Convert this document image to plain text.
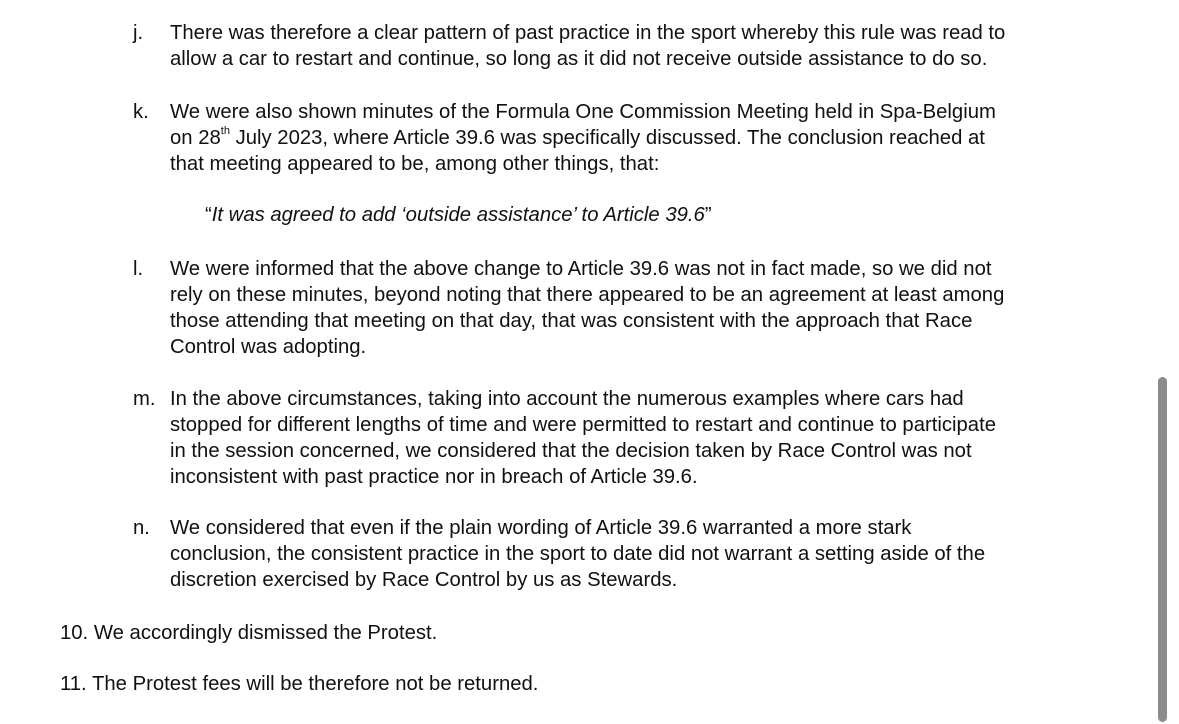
j. There was therefore a clear pattern of past practice in the sport whereby this rule was read to
allow a car to restart and continue, so long as it did not receive outside assistance to do so.
k. We were also shown minutes of the Formula One Commission Meeting held in Spa-Belgium
on 28th July 2023, where Article 39.6 was specifically discussed. The conclusion reached at
that meeting appeared to be, among other things, that:
“It was agreed to add ‘outside assistance’ to Article 39.6”
l. We were informed that the above change to Article 39.6 was not in fact made, so we did not
rely on these minutes, beyond noting that there appeared to be an agreement at least among
those attending that meeting on that day, that was consistent with the approach that Race
Control was adopting.
m. In the above circumstances, taking into account the numerous examples where cars had
stopped for different lengths of time and were permitted to restart and continue to participate
in the session concerned, we considered that the decision taken by Race Control was not
inconsistent with past practice nor in breach of Article 39.6.
n. We considered that even if the plain wording of Article 39.6 warranted a more stark
conclusion, the consistent practice in the sport to date did not warrant a setting aside of the
discretion exercised by Race Control by us as Stewards.
10. We accordingly dismissed the Protest.
11. The Protest fees will be therefore not be returned.
